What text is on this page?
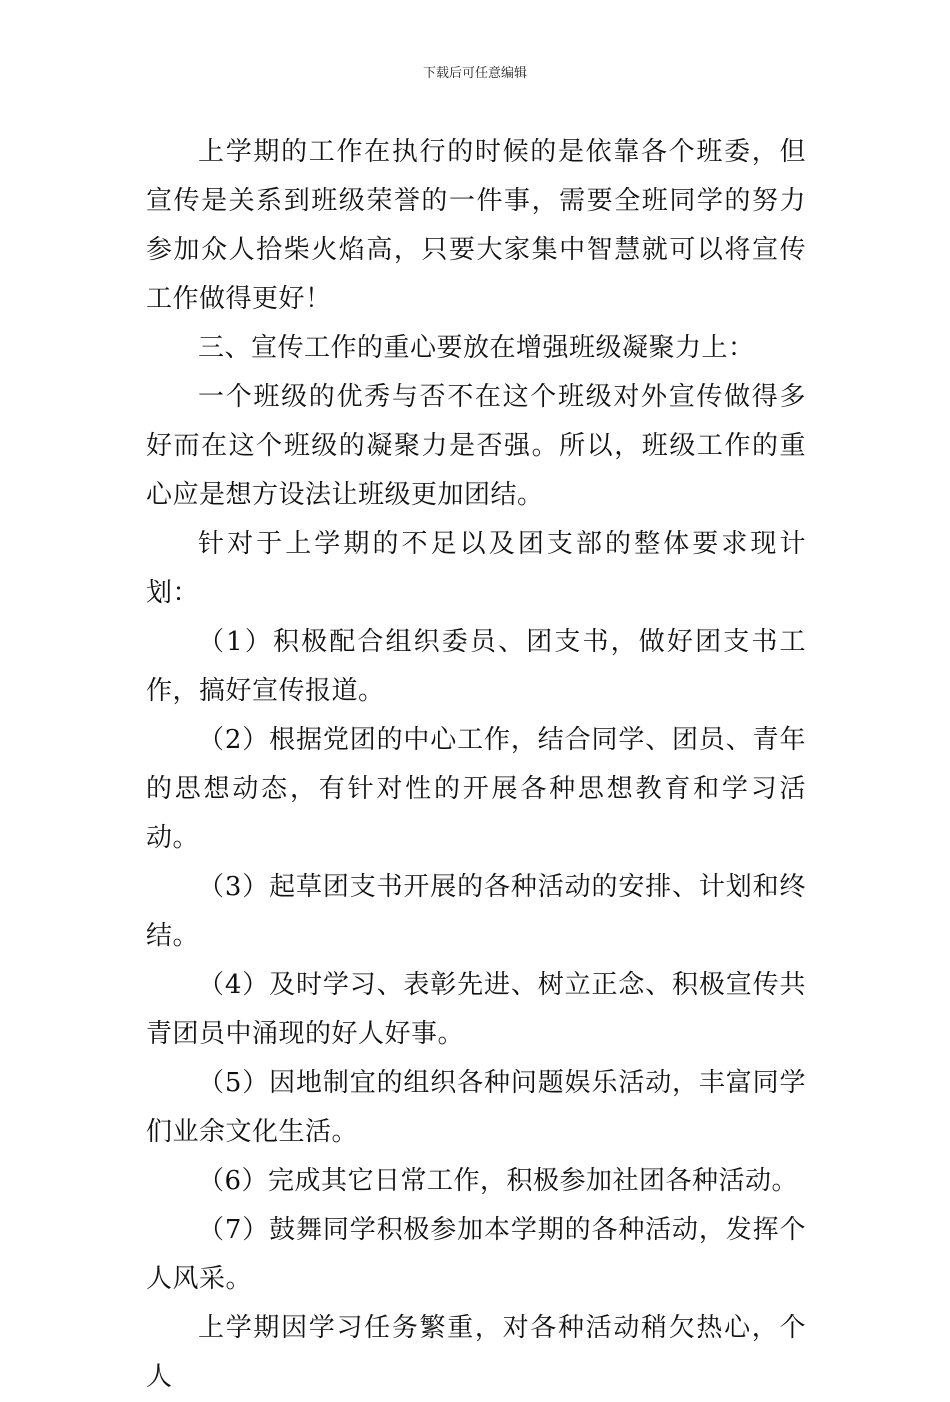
下载后可任意编辑

上学期的工作在执行的时候的是依靠各个班委，但宣传是关系到班级荣誉的一件事，需要全班同学的努力参加众人拾柴火焰高，只要大家集中智慧就可以将宣传工作做得更好！

三、宣传工作的重心要放在增强班级凝聚力上：

一个班级的优秀与否不在这个班级对外宣传做得多好而在这个班级的凝聚力是否强。所以，班级工作的重心应是想方设法让班级更加团结。

针对于上学期的不足以及团支部的整体要求现计划：

（1）积极配合组织委员、团支书，做好团支书工作，搞好宣传报道。

（2）根据党团的中心工作，结合同学、团员、青年的思想动态，有针对性的开展各种思想教育和学习活动。

（3）起草团支书开展的各种活动的安排、计划和终结。

（4）及时学习、表彰先进、树立正念、积极宣传共青团员中涌现的好人好事。

（5）因地制宜的组织各种问题娱乐活动，丰富同学们业余文化生活。

（6）完成其它日常工作，积极参加社团各种活动。

（7）鼓舞同学积极参加本学期的各种活动，发挥个人风采。

上学期因学习任务繁重，对各种活动稍欠热心，个人
